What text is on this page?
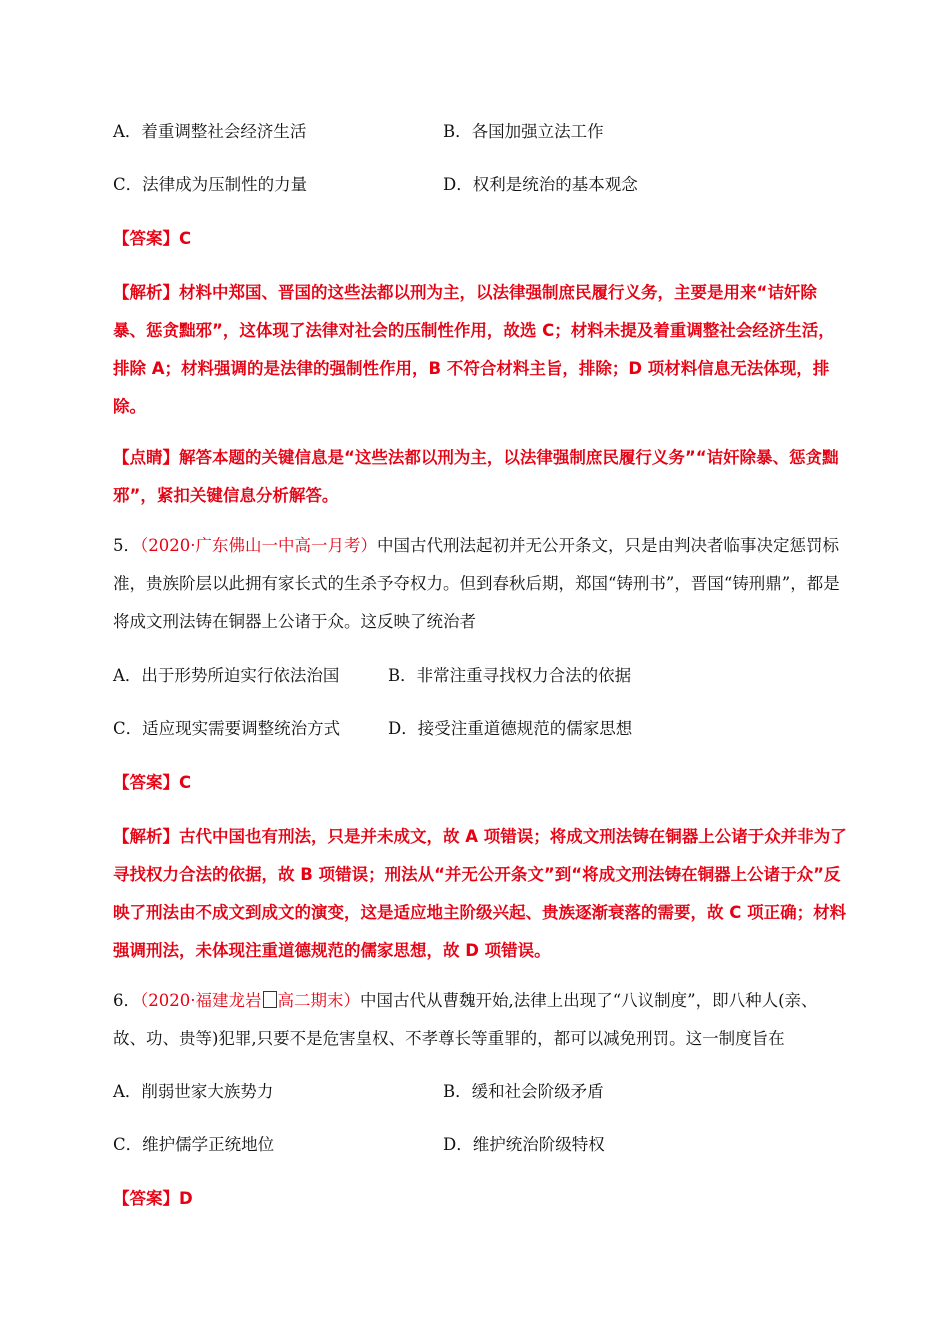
A．着重调整社会经济生活	B．各国加强立法工作
C．法律成为压制性的力量	D．权利是统治的基本观念
【答案】C
【解析】材料中郑国、晋国的这些法都以刑为主，以法律强制庶民履行义务，主要是用来“诘奸除暴、惩贪黜邪”，这体现了法律对社会的压制性作用，故选 C；材料未提及着重调整社会经济生活，排除 A；材料强调的是法律的强制性作用，B 不符合材料主旨，排除；D 项材料信息无法体现，排除。
【点睛】解答本题的关键信息是“这些法都以刑为主，以法律强制庶民履行义务”“诘奸除暴、惩贪黜邪”，紧扣关键信息分析解答。
5．（2020·广东佛山一中高一月考）中国古代刑法起初并无公开条文，只是由判决者临事决定惩罚标准，贵族阶层以此拥有家长式的生杀予夺权力。但到春秋后期，郑国“铸刑书”，晋国“铸刑鼎”，都是将成文刑法铸在铜器上公诸于众。这反映了统治者
A．出于形势所迫实行依法治国	B．非常注重寻找权力合法的依据
C．适应现实需要调整统治方式	D．接受注重道德规范的儒家思想
【答案】C
【解析】古代中国也有刑法，只是并未成文，故 A 项错误；将成文刑法铸在铜器上公诸于众并非为了寻找权力合法的依据，故 B 项错误；刑法从“并无公开条文”到“将成文刑法铸在铜器上公诸于众”反映了刑法由不成文到成文的演变，这是适应地主阶级兴起、贵族逐渐衰落的需要，故 C 项正确；材料强调刑法，未体现注重道德规范的儒家思想，故 D 项错误。
6．（2020·福建龙岩 高二期末）中国古代从曹魏开始,法律上出现了“八议制度”，即八种人(亲、故、功、贵等)犯罪,只要不是危害皇权、不孝尊长等重罪的，都可以减免刑罚。这一制度旨在
A．削弱世家大族势力	B．缓和社会阶级矛盾
C．维护儒学正统地位	D．维护统治阶级特权
【答案】D
